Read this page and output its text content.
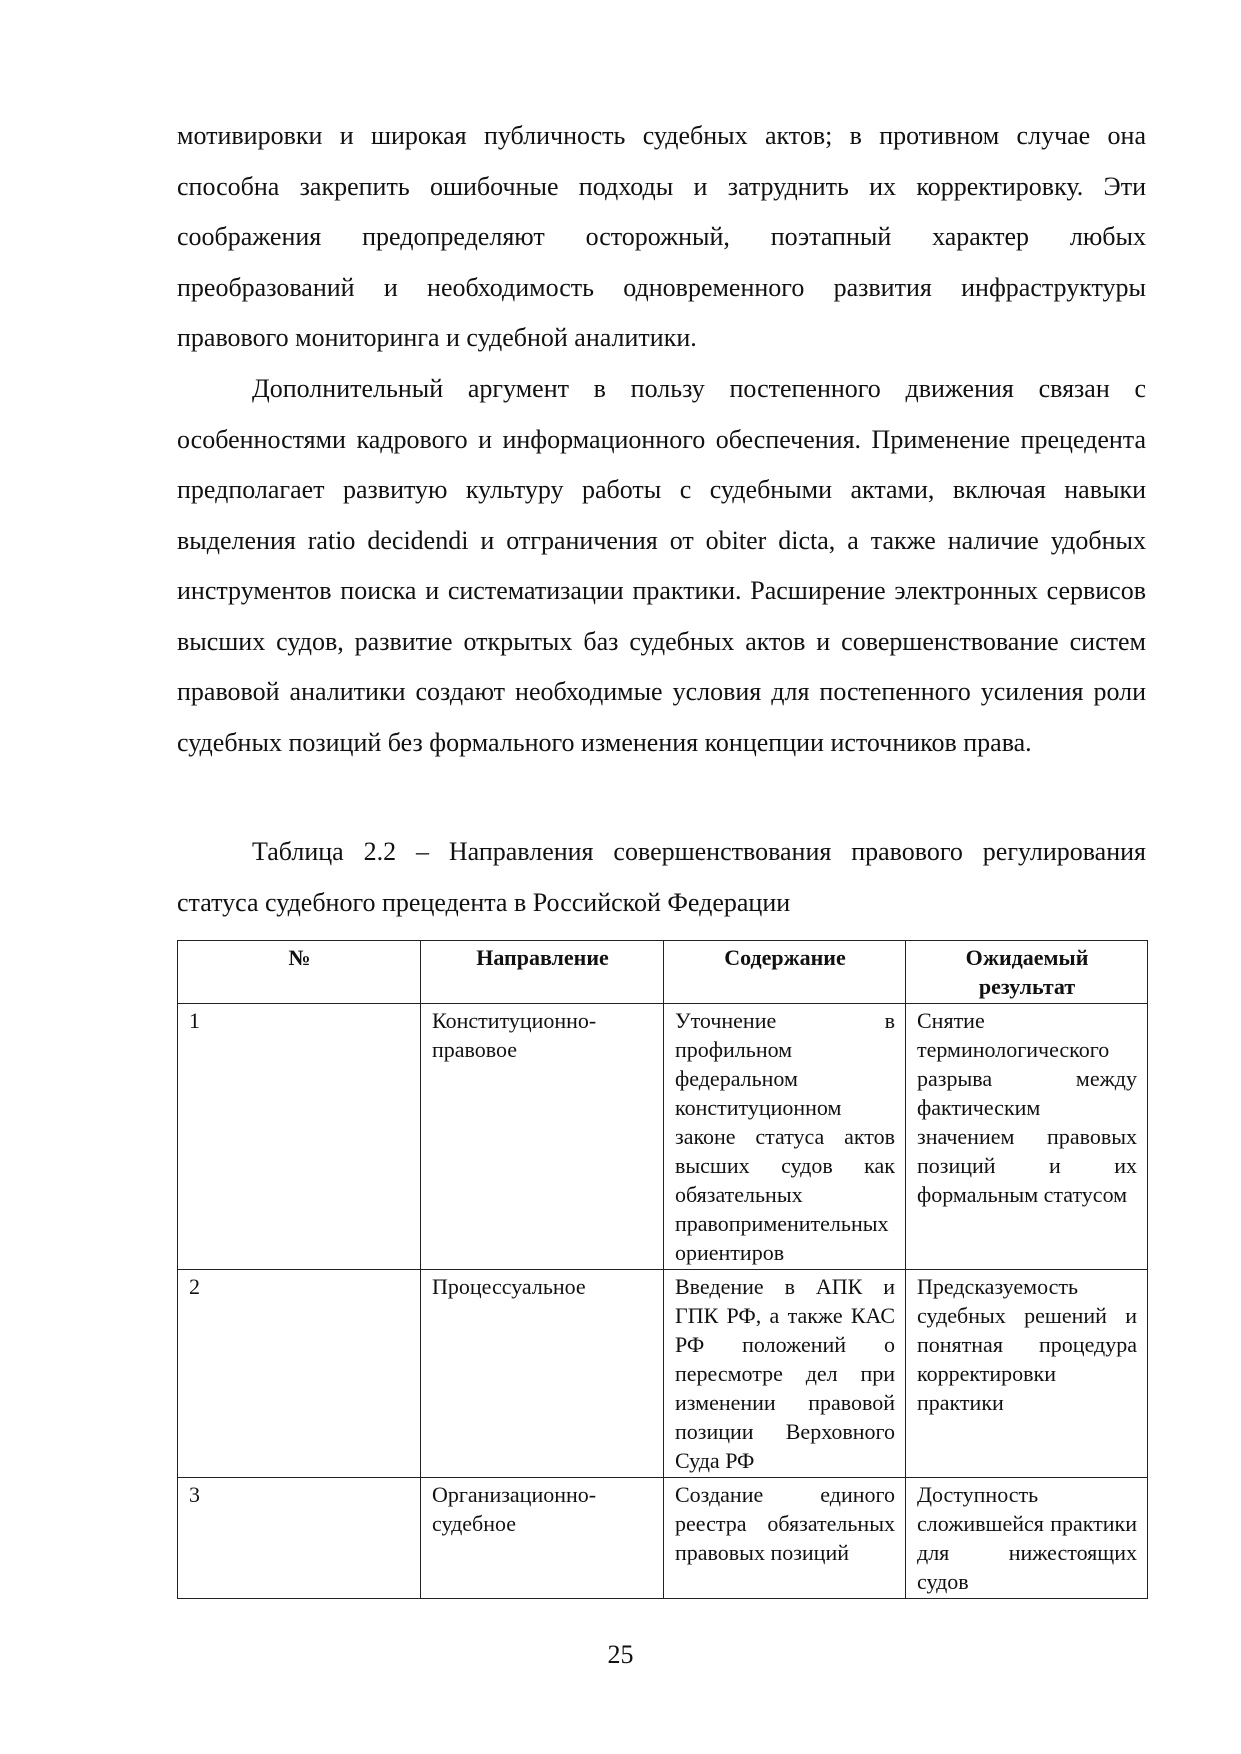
мотивировки и широкая публичность судебных актов; в противном случае она способна закрепить ошибочные подходы и затруднить их корректировку. Эти соображения предопределяют осторожный, поэтапный характер любых преобразований и необходимость одновременного развития инфраструктуры правового мониторинга и судебной аналитики.

Дополнительный аргумент в пользу постепенного движения связан с особенностями кадрового и информационного обеспечения. Применение прецедента предполагает развитую культуру работы с судебными актами, включая навыки выделения ratio decidendi и отграничения от obiter dicta, а также наличие удобных инструментов поиска и систематизации практики. Расширение электронных сервисов высших судов, развитие открытых баз судебных актов и совершенствование систем правовой аналитики создают необходимые условия для постепенного усиления роли судебных позиций без формального изменения концепции источников права.

Таблица 2.2 – Направления совершенствования правового регулирования статуса судебного прецедента в Российской Федерации

№	Направление	Содержание	Ожидаемый результат
1	Конституционно-правовое	Уточнение в профильном федеральном конституционном законе статуса актов высших судов как обязательных правоприменительных ориентиров	Снятие терминологического разрыва между фактическим значением правовых позиций и их формальным статусом
2	Процессуальное	Введение в АПК и ГПК РФ, а также КАС РФ положений о пересмотре дел при изменении правовой позиции Верховного Суда РФ	Предсказуемость судебных решений и понятная процедура корректировки практики
3	Организационно-судебное	Создание единого реестра обязательных правовых позиций	Доступность сложившейся практики для нижестоящих судов
25
